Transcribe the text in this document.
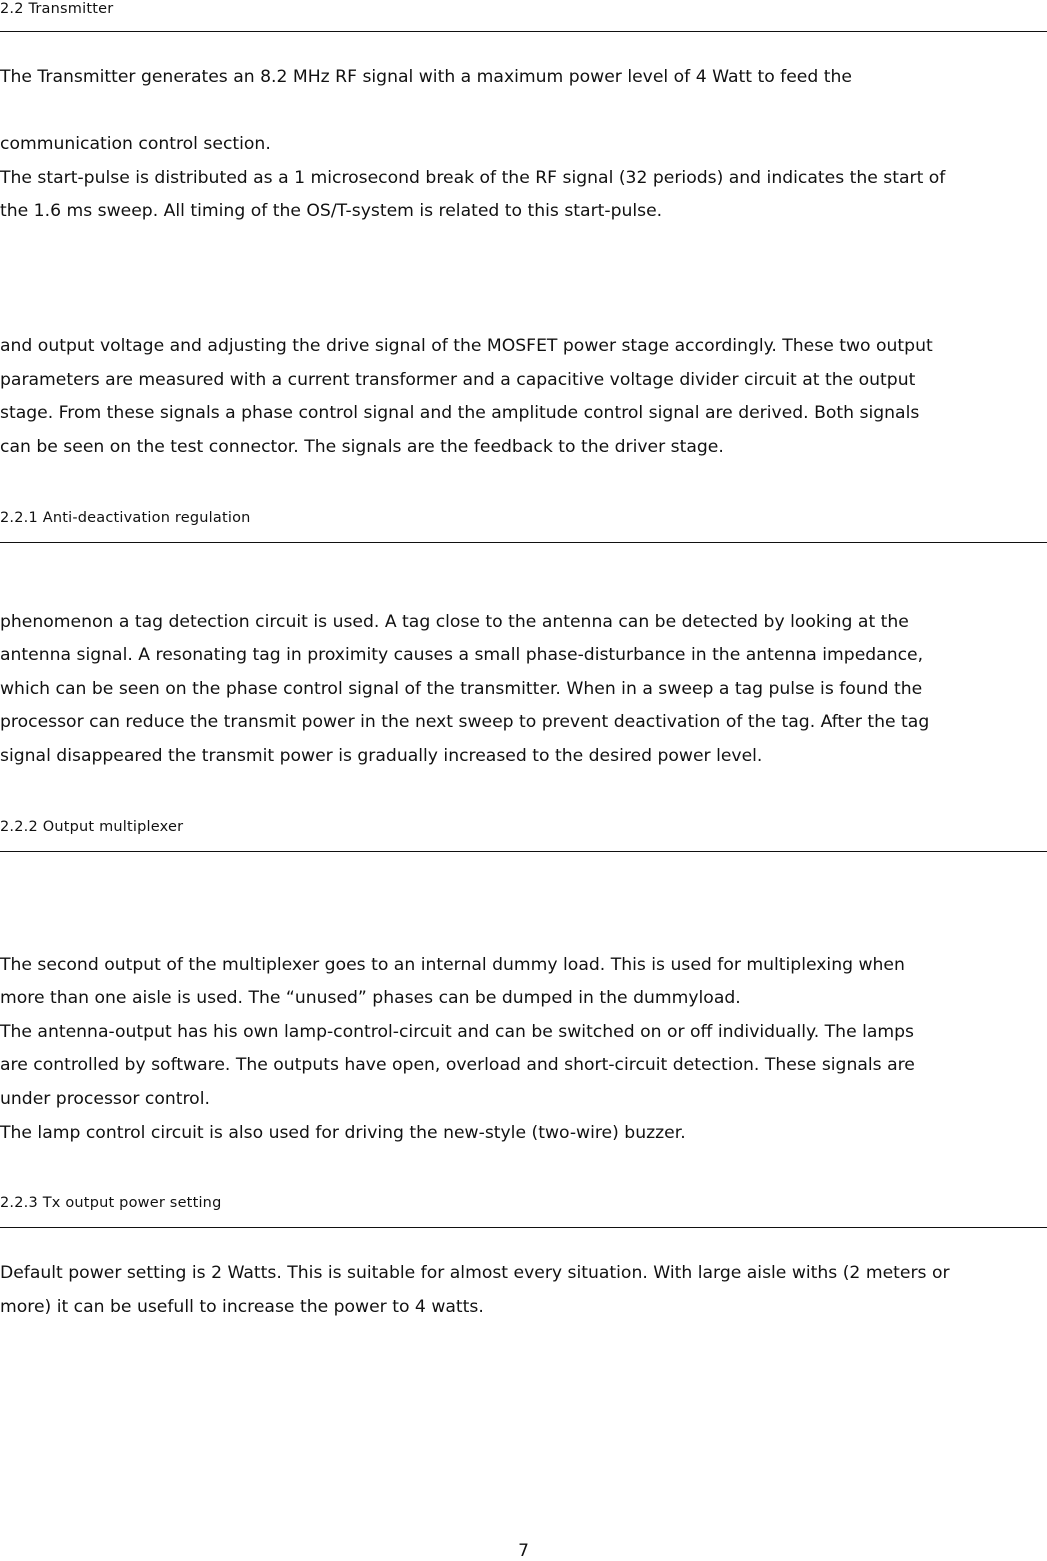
2.2 Transmitter
The Transmitter generates an 8.2 MHz RF signal with a maximum power level of 4 Watt to feed the
communication control section.
The start-pulse is distributed as a 1 microsecond break of the RF signal (32 periods) and indicates the start of
the 1.6 ms sweep. All timing of the OS/T-system is related to this start-pulse.
and output voltage and adjusting the drive signal of the MOSFET power stage accordingly. These two output
parameters are measured with a current transformer and a capacitive voltage divider circuit at the output
stage. From these signals a phase control signal and the amplitude control signal are derived. Both signals
can be seen on the test connector. The signals are the feedback to the driver stage.
2.2.1 Anti-deactivation regulation
phenomenon a tag detection circuit is used. A tag close to the antenna can be detected by looking at the
antenna signal. A resonating tag in proximity causes a small phase-disturbance in the antenna impedance,
which can be seen on the phase control signal of the transmitter. When in a sweep a tag pulse is found the
processor can reduce the transmit power in the next sweep to prevent deactivation of the tag. After the tag
signal disappeared the transmit power is gradually increased to the desired power level.
2.2.2 Output multiplexer
The second output of the multiplexer goes to an internal dummy load. This is used for multiplexing when
more than one aisle is used. The “unused” phases can be dumped in the dummyload.
The antenna-output has his own lamp-control-circuit and can be switched on or off individually. The lamps
are controlled by software. The outputs have open, overload and short-circuit detection. These signals are
under processor control.
The lamp control circuit is also used for driving the new-style (two-wire) buzzer.
2.2.3 Tx output power setting
Default power setting is 2 Watts. This is suitable for almost every situation. With large aisle withs (2 meters or
more) it can be usefull to increase the power to 4 watts.
7
